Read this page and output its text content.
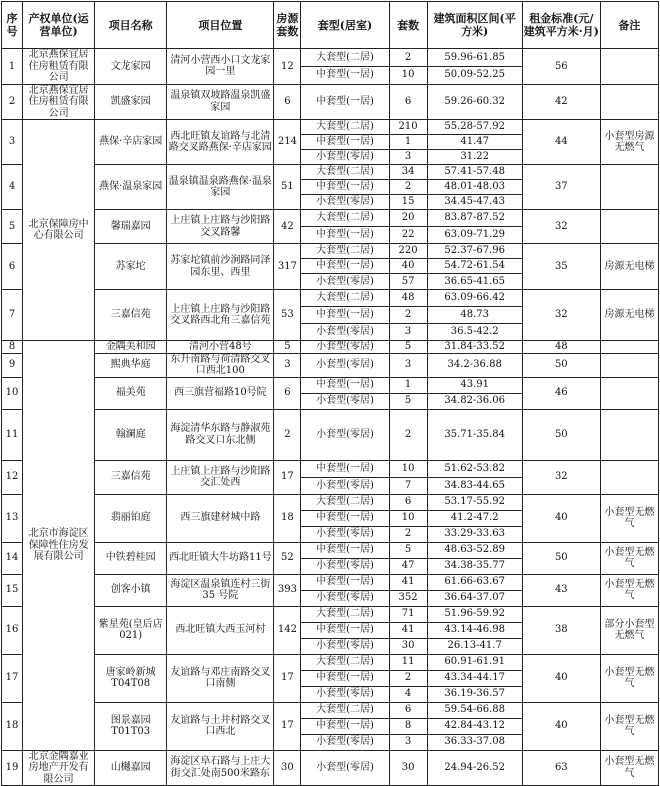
序号	产权单位(运营单位)	项目名称	项目位置	房源套数	套型(居室)	套数	建筑面积区间(平方米)	租金标准(元/建筑平方米·月)	备注
1	北京燕保宜居住房租赁有限公司	文龙家园	清河小营西小口文龙家园一里	12	大套型(二居)	2	59.96-61.85	56	
					中套型(一居)	10	50.09-52.25		
2	北京燕保宜居住房租赁有限公司	凯盛家园	温泉镇双坡路温泉凯盛家园	6	中套型(一居)	6	59.26-60.32	42	
3	北京保障房中心有限公司	燕保·辛店家园	西北旺镇友谊路与北清路交叉路燕保·辛店家园	214	大套型(二居)	210	55.28-57.92	44	小套型房源无燃气
					中套型(一居)	1	41.47		
					小套型(零居)	3	31.22		
4		燕保·温泉家园	温泉镇温泉路燕保·温泉家园	51	大套型(二居)	34	57.41-57.48	37	
					中套型(一居)	2	48.01-48.03		
					小套型(零居)	15	34.45-47.43		
5		馨瑞嘉园	上庄镇上庄路与沙阳路交叉路馨	42	大套型(二居)	20	83.87-87.52	32	
					中套型(一居)	22	63.09-71.29		
6		苏家坨	苏家坨镇前沙涧路同泽园东里、西里	317	大套型(二居)	220	52.37-67.96	35	房源无电梯
					中套型(一居)	40	54.72-61.54		
					小套型(零居)	57	36.65-41.65		
7		三嘉信苑	上庄镇上庄路与沙阳路交叉路西北角三嘉信苑	53	大套型(二居)	48	63.09-66.42	32	房源无电梯
					中套型(一居)	2	48.73		
					小套型(零居)	3	36.5-42.2		
8	北京市海淀区保障性住房发展有限公司	金隅美和园	清河小营48号	5	小套型(零居)	5	31.84-33.52	48	
9		熙典华庭	东升南路与荷清路交叉口西北100	3	小套型(零居)	3	34.2-36.88	50	
10		福美苑	西三旗营福路10号院	6	中套型(一居)	1	43.91	46	
					小套型(零居)	5	34.82-36.06		
11		翰澜庭	海淀清华东路与静淑苑路交叉口东北侧	2	小套型(零居)	2	35.71-35.84	50	
12		三嘉信苑	上庄镇上庄路与沙阳路交汇处西	17	中套型(一居)	10	51.62-53.82	32	
					小套型(零居)	7	34.83-44.65		
13		翡丽铂庭	西三旗建材城中路	18	大套型(二居)	6	53.17-55.92	40	小套型无燃气
					中套型(一居)	10	41.2-47.2		
					小套型(零居)	2	33.29-33.63		
14		中铁碧桂园	西北旺镇大牛坊路11号	52	中套型(一居)	5	48.63-52.89	50	小套型无燃气
					小套型(零居)	47	34.38-35.77		
15		创客小镇	海淀区温泉镇连村三街 35 号院	393	中套型(一居)	41	61.66-63.67	43	小套型无燃气
					小套型(零居)	352	36.64-37.07		
16		紫星苑(皇后店021)	西北旺镇大西玉河村	142	大套型(二居)	71	51.96-59.92	38	部分小套型无燃气
					中套型(一居)	41	43.14-46.98		
					小套型(零居)	30	26.13-41.7		
17		唐家岭新城T04T08	友谊路与邓庄南路交叉口南侧	17	大套型(二居)	11	60.91-61.91	40	小套型无燃气
					中套型(一居)	2	43.34-44.17		
					小套型(零居)	4	36.19-36.57		
18		图景嘉园T01T03	友谊路与土井村路交叉口西北	17	大套型(二居)	6	59.54-66.88	40	小套型无燃气
					中套型(一居)	8	42.84-43.12		
					小套型(零居)	3	36.33-37.08		
19	北京金隅嘉业房地产开发有限公司	山樾嘉园	海淀区阜石路与上庄大街交汇处南500米路东	30	小套型(零居)	30	24.94-26.52	63	小套型无燃气
